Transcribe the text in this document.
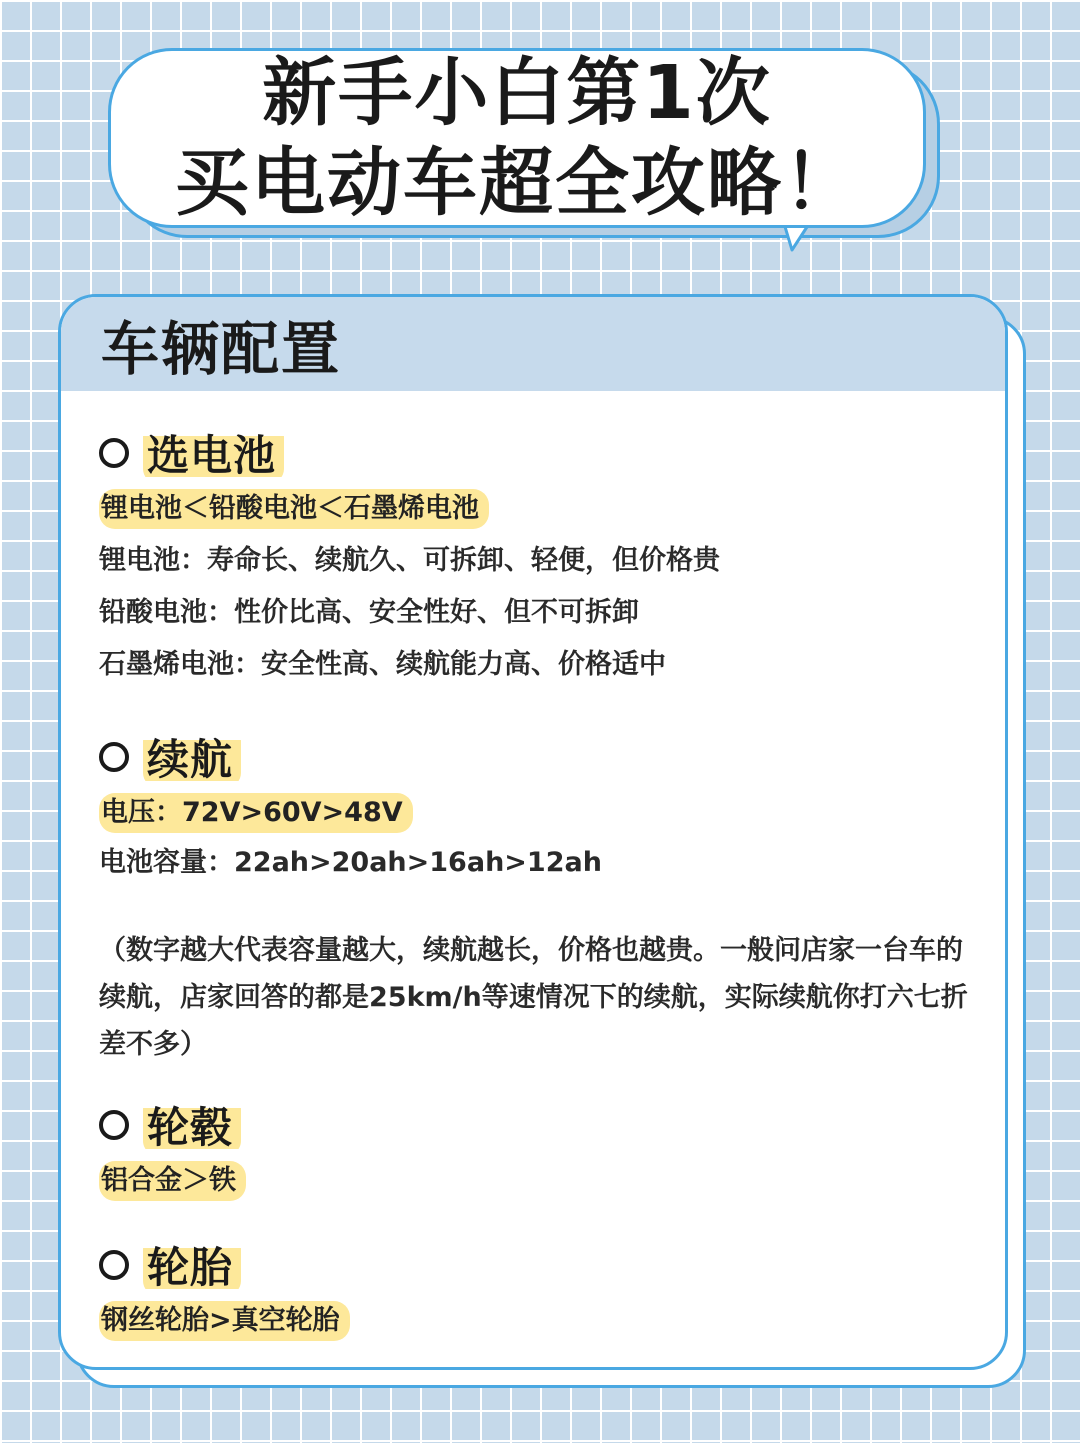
新手小白第1次
买电动车超全攻略！
车辆配置
选电池
锂电池＜铅酸电池＜石墨烯电池
锂电池：寿命长、续航久、可拆卸、轻便，但价格贵
铅酸电池：性价比高、安全性好、但不可拆卸
石墨烯电池：安全性高、续航能力高、价格适中
续航
电压：72V>60V>48V
电池容量：22ah>20ah>16ah>12ah
（数字越大代表容量越大，续航越长，价格也越贵。一般问店家一台车的续航，店家回答的都是25km/h等速情况下的续航，实际续航你打六七折差不多）
轮毂
铝合金＞铁
轮胎
钢丝轮胎>真空轮胎
